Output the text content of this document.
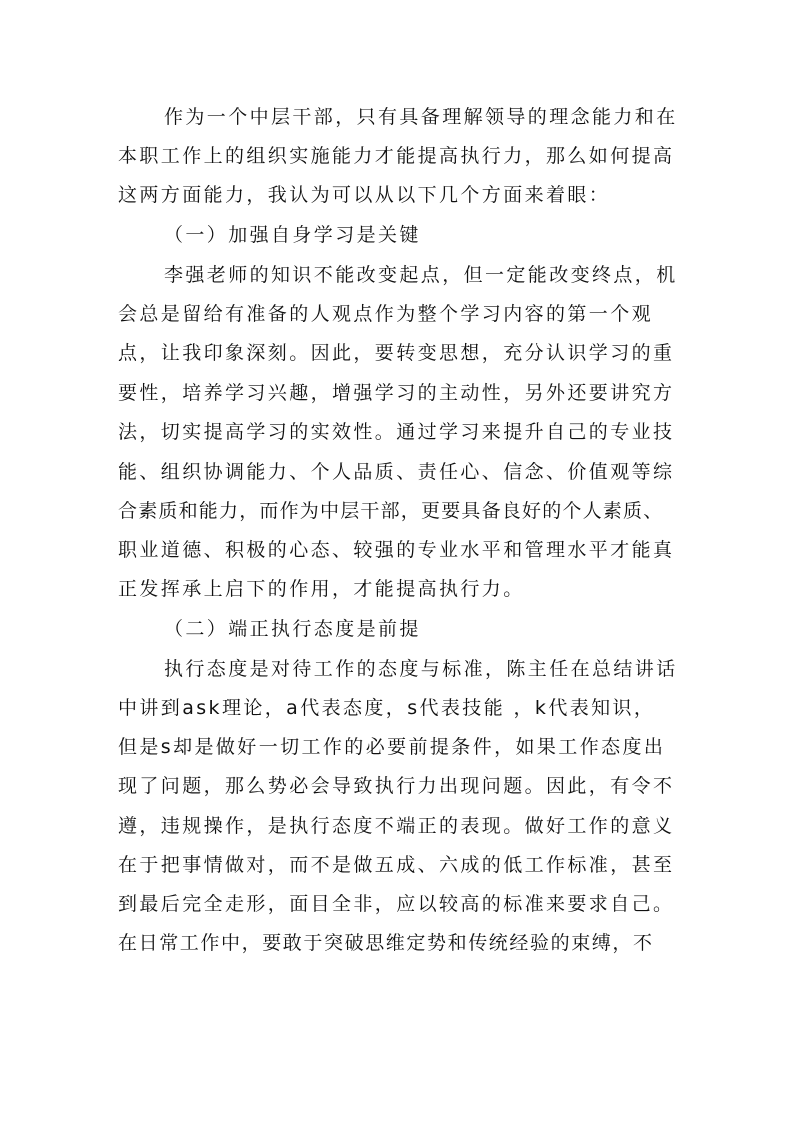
作为一个中层干部，只有具备理解领导的理念能力和在
本职工作上的组织实施能力才能提高执行力，那么如何提高
这两方面能力，我认为可以从以下几个方面来着眼：
（一）加强自身学习是关键
李强老师的知识不能改变起点，但一定能改变终点，机
会总是留给有准备的人观点作为整个学习内容的第一个观
点，让我印象深刻。因此，要转变思想，充分认识学习的重
要性，培养学习兴趣，增强学习的主动性，另外还要讲究方
法，切实提高学习的实效性。通过学习来提升自己的专业技
能、组织协调能力、个人品质、责任心、信念、价值观等综
合素质和能力，而作为中层干部，更要具备良好的个人素质、
职业道德、积极的心态、较强的专业水平和管理水平才能真
正发挥承上启下的作用，才能提高执行力。
（二）端正执行态度是前提
执行态度是对待工作的态度与标准，陈主任在总结讲话
中讲到ask理论，a代表态度，s代表技能 ，k代表知识，
但是s却是做好一切工作的必要前提条件，如果工作态度出
现了问题，那么势必会导致执行力出现问题。因此，有令不
遵，违规操作，是执行态度不端正的表现。做好工作的意义
在于把事情做对，而不是做五成、六成的低工作标准，甚至
到最后完全走形，面目全非，应以较高的标准来要求自己。
在日常工作中，要敢于突破思维定势和传统经验的束缚，不
